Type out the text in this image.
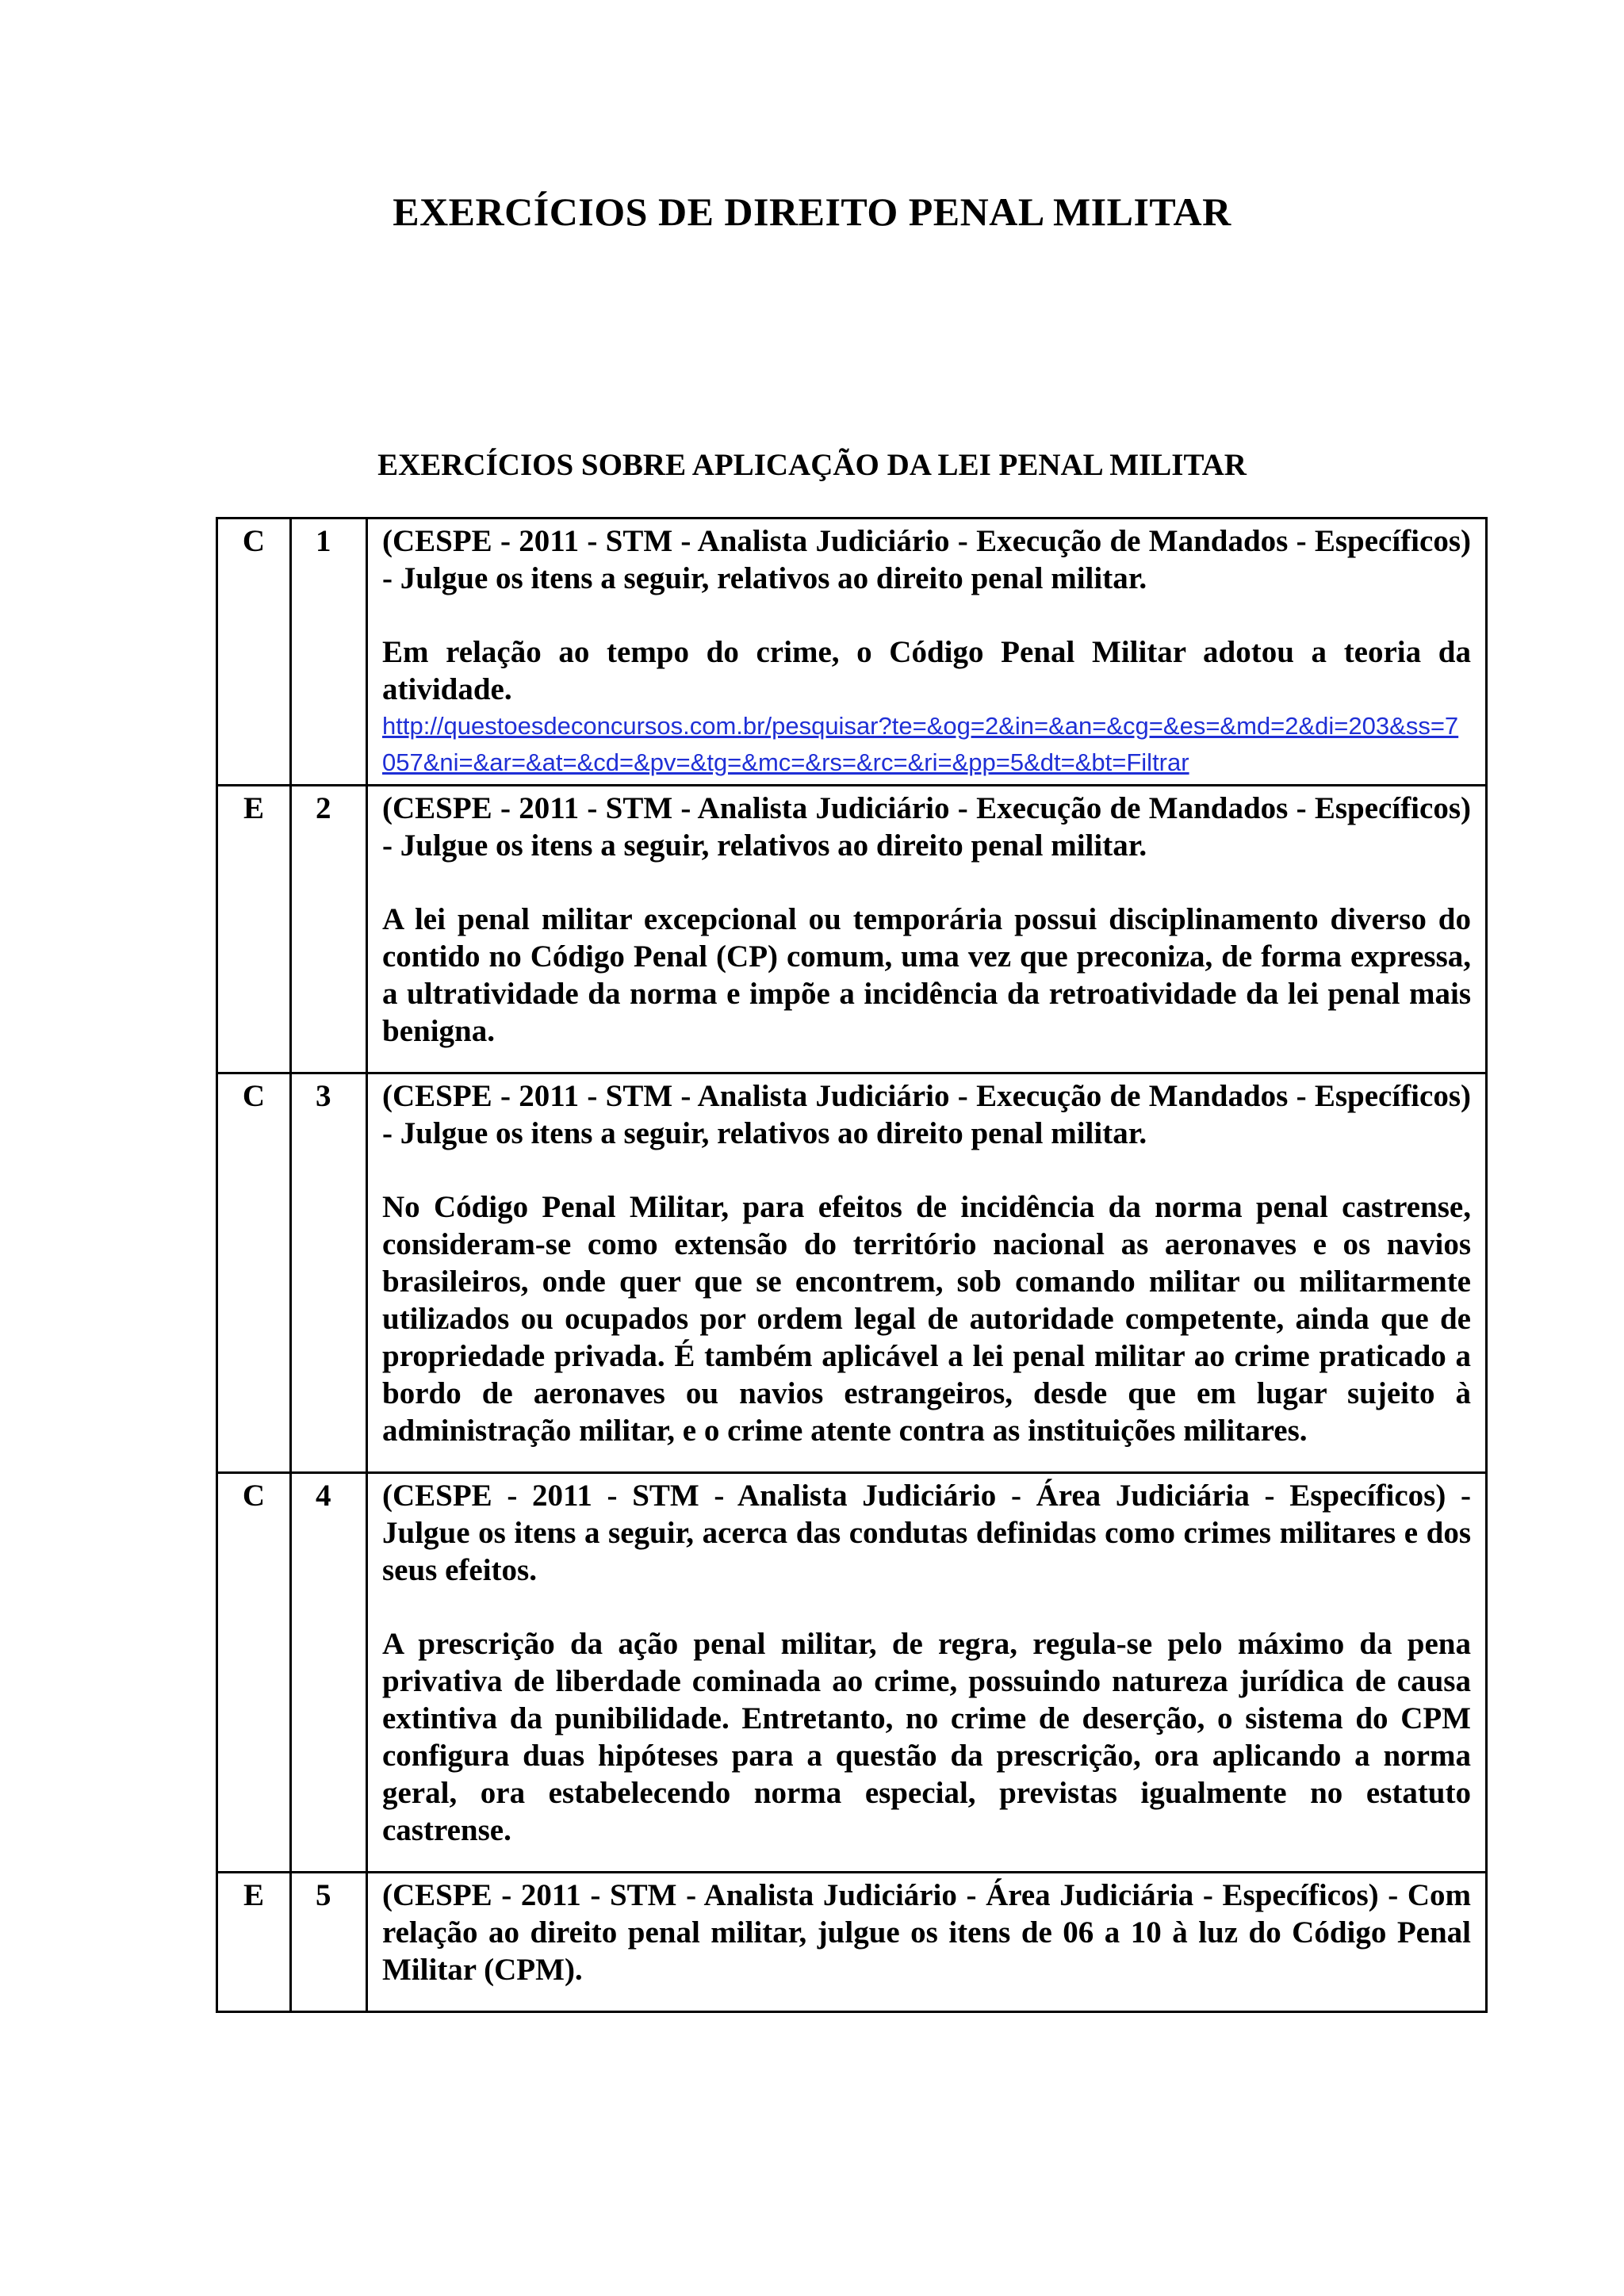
EXERCÍCIOS DE DIREITO PENAL MILITAR
EXERCÍCIOS SOBRE APLICAÇÃO DA LEI PENAL MILITAR
C	1	(CESPE - 2011 - STM - Analista Judiciário - Execução de Mandados - Específicos) - Julgue os itens a seguir, relativos ao direito penal militar.

Em relação ao tempo do crime, o Código Penal Militar adotou a teoria da atividade.

http://questoesdeconcursos.com.br/pesquisar?te=&og=2&in=&an=&cg=&es=&md=2&di=203&ss=7057&ni=&ar=&at=&cd=&pv=&tg=&mc=&rs=&rc=&ri=&pp=5&dt=&bt=Filtrar

E	2	(CESPE - 2011 - STM - Analista Judiciário - Execução de Mandados - Específicos) - Julgue os itens a seguir, relativos ao direito penal militar.

A lei penal militar excepcional ou temporária possui disciplinamento diverso do contido no Código Penal (CP) comum, uma vez que preconiza, de forma expressa, a ultratividade da norma e impõe a incidência da retroatividade da lei penal mais benigna.

C	3	(CESPE - 2011 - STM - Analista Judiciário - Execução de Mandados - Específicos) - Julgue os itens a seguir, relativos ao direito penal militar.

No Código Penal Militar, para efeitos de incidência da norma penal castrense, consideram-se como extensão do território nacional as aeronaves e os navios brasileiros, onde quer que se encontrem, sob comando militar ou militarmente utilizados ou ocupados por ordem legal de autoridade competente, ainda que de propriedade privada. É também aplicável a lei penal militar ao crime praticado a bordo de aeronaves ou navios estrangeiros, desde que em lugar sujeito à administração militar, e o crime atente contra as instituições militares.

C	4	(CESPE - 2011 - STM - Analista Judiciário - Área Judiciária - Específicos) - Julgue os itens a seguir, acerca das condutas definidas como crimes militares e dos seus efeitos.

A prescrição da ação penal militar, de regra, regula-se pelo máximo da pena privativa de liberdade cominada ao crime, possuindo natureza jurídica de causa extintiva da punibilidade. Entretanto, no crime de deserção, o sistema do CPM configura duas hipóteses para a questão da prescrição, ora aplicando a norma geral, ora estabelecendo norma especial, previstas igualmente no estatuto castrense.

E	5	(CESPE - 2011 - STM - Analista Judiciário - Área Judiciária - Específicos) - Com relação ao direito penal militar, julgue os itens de 06 a 10 à luz do Código Penal Militar (CPM).
